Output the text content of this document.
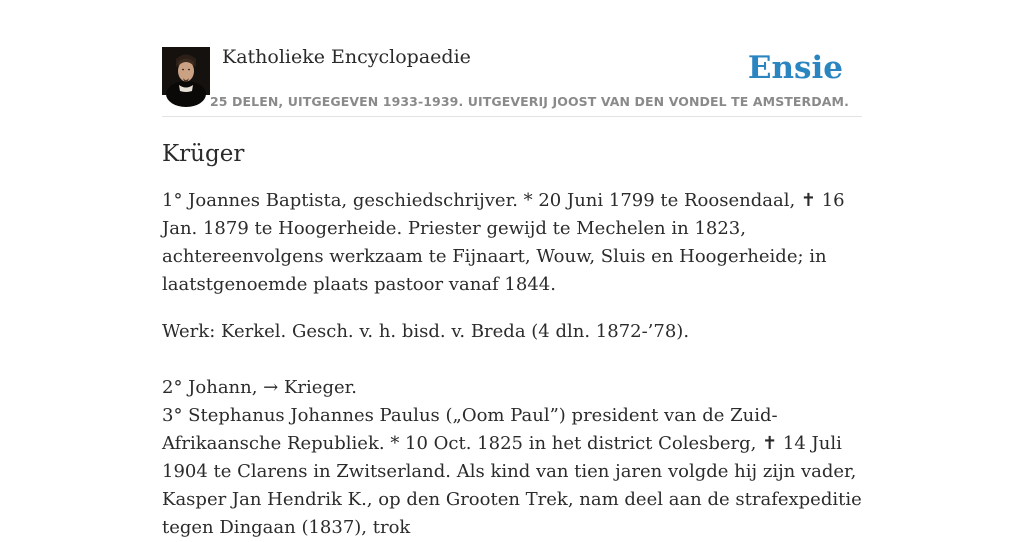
Katholieke Encyclopaedie	Ensie
25 DELEN, UITGEGEVEN 1933-1939. UITGEVERIJ JOOST VAN DEN VONDEL TE AMSTERDAM.
Krüger

1° Joannes Baptista, geschiedschrijver. * 20 Juni 1799 te Roosendaal, ✝ 16 Jan. 1879 te Hoogerheide. Priester gewijd te Mechelen in 1823, achtereenvolgens werkzaam te Fijnaart, Wouw, Sluis en Hoogerheide; in laatstgenoemde plaats pastoor vanaf 1844.

Werk: Kerkel. Gesch. v. h. bisd. v. Breda (4 dln. 1872-’78).

2° Johann, → Krieger.

3° Stephanus Johannes Paulus („Oom Paul”) president van de Zuid-Afrikaansche Republiek. * 10 Oct. 1825 in het district Colesberg, ✝ 14 Juli 1904 te Clarens in Zwitserland. Als kind van tien jaren volgde hij zijn vader, Kasper Jan Hendrik K., op den Grooten Trek, nam deel aan de strafexpeditie tegen Dingaan (1837), trok
